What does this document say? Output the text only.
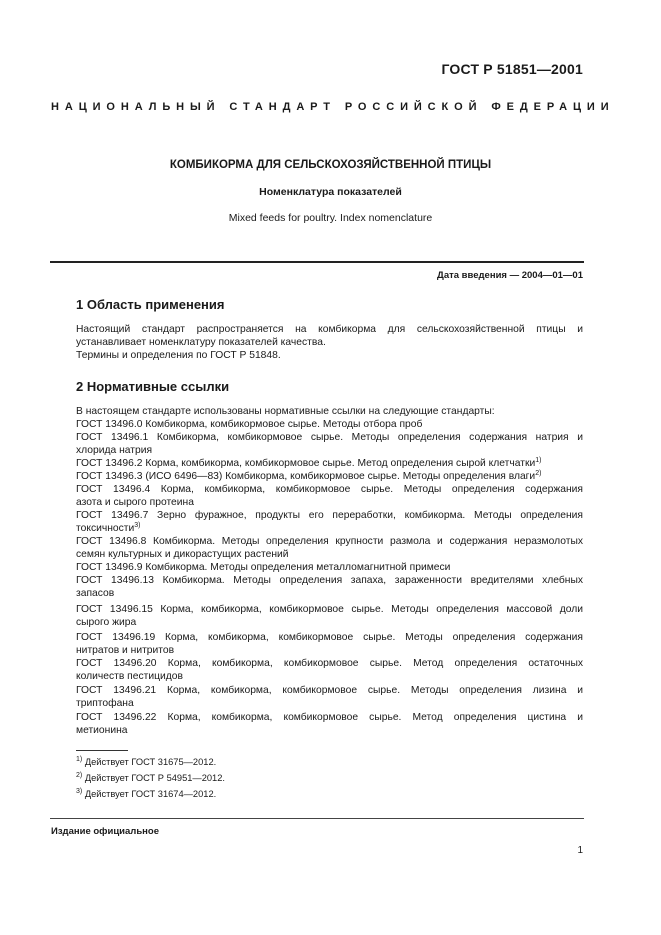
ГОСТ Р 51851—2001
НАЦИОНАЛЬНЫЙ СТАНДАРТ РОССИЙСКОЙ ФЕДЕРАЦИИ
КОМБИКОРМА ДЛЯ СЕЛЬСКОХОЗЯЙСТВЕННОЙ ПТИЦЫ
Номенклатура показателей
Mixed feeds for poultry. Index nomenclature
Дата введения — 2004—01—01
1 Область применения
Настоящий стандарт распространяется на комбикорма для сельскохозяйственной птицы и
устанавливает номенклатуру показателей качества.
Термины и определения по ГОСТ Р 51848.
2 Нормативные ссылки
В настоящем стандарте использованы нормативные ссылки на следующие стандарты:
ГОСТ 13496.0 Комбикорма, комбикормовое сырье. Методы отбора проб
ГОСТ 13496.1 Комбикорма, комбикормовое сырье. Методы определения содержания натрия и
хлорида натрия
ГОСТ 13496.2 Корма, комбикорма, комбикормовое сырье. Метод определения сырой клетчатки$^{1)}$
ГОСТ 13496.3 (ИСО 6496—83) Комбикорма, комбикормовое сырье. Методы определения влаги$^{2)}$
ГОСТ 13496.4 Корма, комбикорма, комбикормовое сырье. Методы определения содержания
азота и сырого протеина
ГОСТ 13496.7 Зерно фуражное, продукты его переработки, комбикорма. Методы определения
токсичности$^{3)}$
ГОСТ 13496.8 Комбикорма. Методы определения крупности размола и содержания неразмолотых
семян культурных и дикорастущих растений
ГОСТ 13496.9 Комбикорма. Методы определения металломагнитной примеси
ГОСТ 13496.13 Комбикорма. Методы определения запаха, зараженности вредителями хлебных
запасов
ГОСТ 13496.15 Корма, комбикорма, комбикормовое сырье. Методы определения массовой доли
сырого жира
ГОСТ 13496.19 Корма, комбикорма, комбикормовое сырье. Методы определения содержания
нитратов и нитритов
ГОСТ 13496.20 Корма, комбикорма, комбикормовое сырье. Метод определения остаточных
количеств пестицидов
ГОСТ 13496.21 Корма, комбикорма, комбикормовое сырье. Методы определения лизина и
триптофана
ГОСТ 13496.22 Корма, комбикорма, комбикормовое сырье. Метод определения цистина и
метионина
$^{1)}$ Действует ГОСТ 31675—2012.
$^{2)}$ Действует ГОСТ Р 54951—2012.
$^{3)}$ Действует ГОСТ 31674—2012.
Издание официальное
1
